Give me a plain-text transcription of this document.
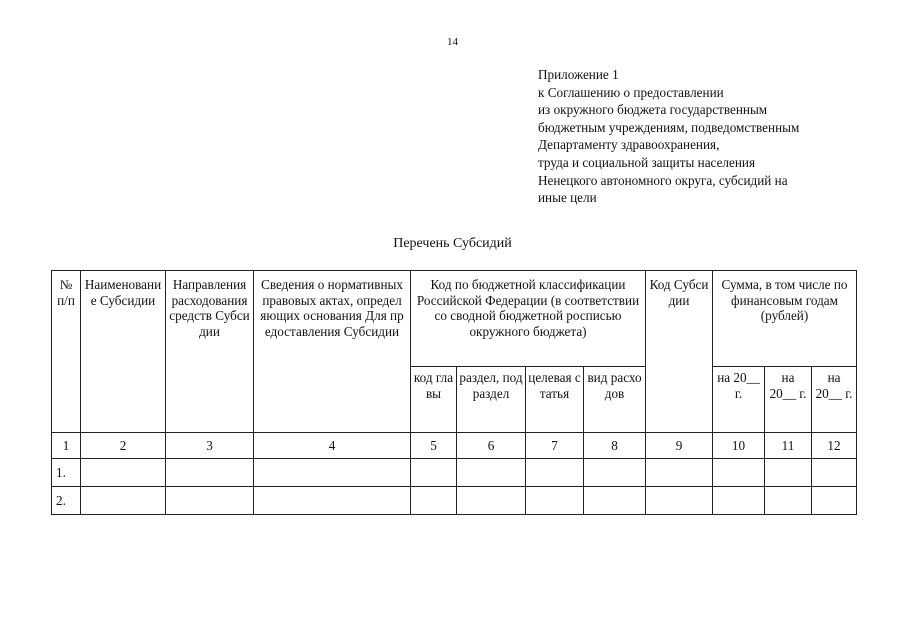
14
Приложение 1
к Соглашению о предоставлении
из окружного бюджета государственным
бюджетным учреждениям, подведомственным
Департаменту здравоохранения,
труда и социальной защиты населения
Ненецкого автономного округа, субсидий на
иные цели
Перечень Субсидий
№ п/п	Наименование Субсидии	Направления расходования средств Субсидии	Сведения о нормативных правовых актах, определяющих основания Для предоставления Субсидии	Код по бюджетной классификации Российской Федерации (в соответствии со сводной бюджетной росписью окружного бюджета)				Код Субсидии	Сумма, в том числе по финансовым годам (рублей)		

				код главы	раздел, подраздел	целевая статья	вид расходов		на 20__ г.	на 20__ г.	на 20__ г.

1	2	3	4	5	6	7	8	9	10	11	12
1.											
2.											
